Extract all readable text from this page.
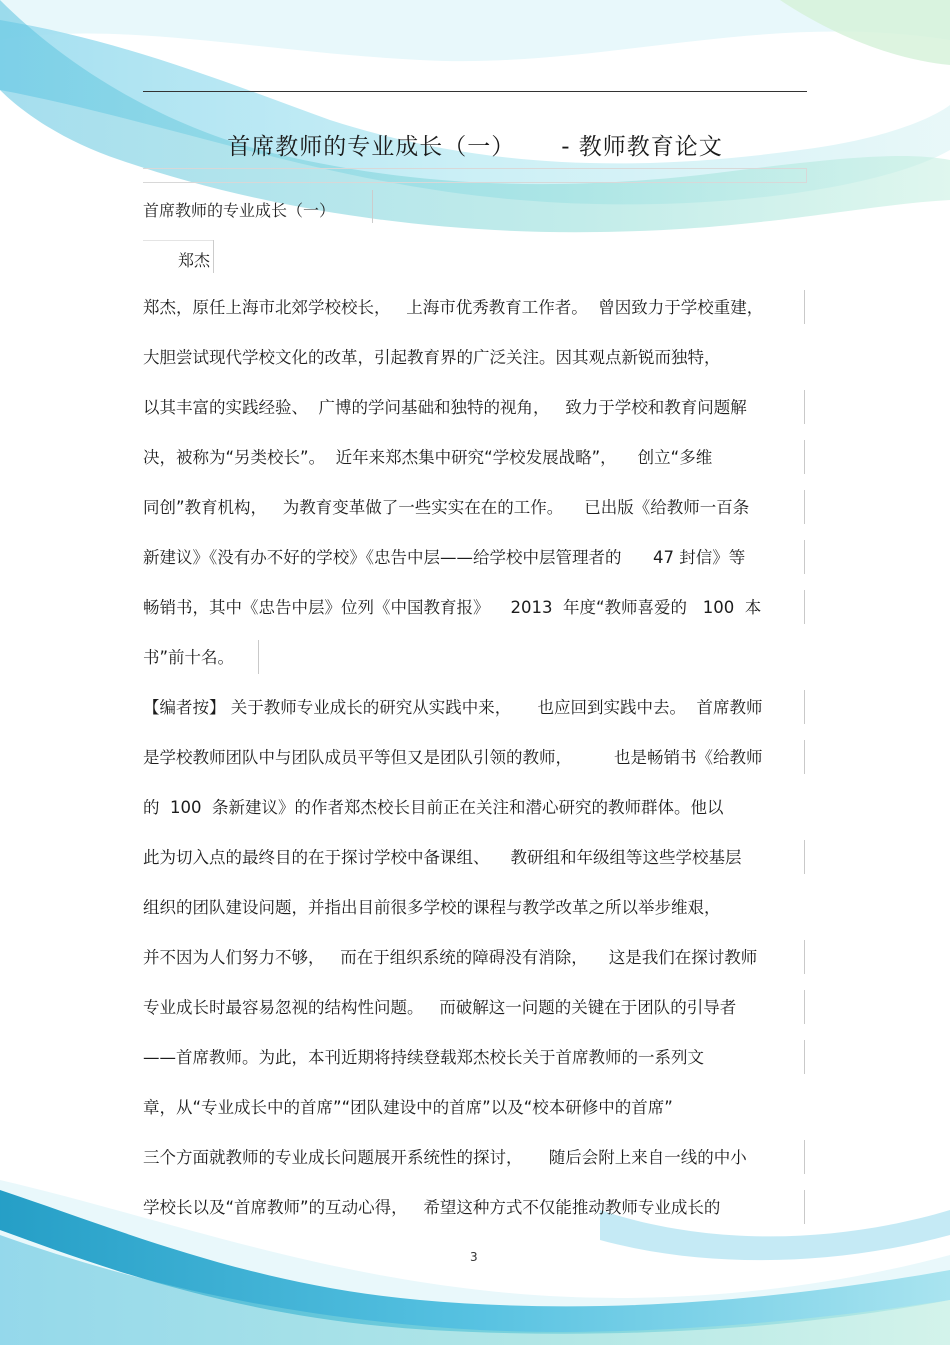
首席教师的专业成长（一） - 教师教育论文
首席教师的专业成长（一）
郑杰
郑杰，原任上海市北郊学校校长，   上海市优秀教育工作者。  曾因致力于学校重建，
大胆尝试现代学校文化的改革，引起教育界的广泛关注。因其观点新锐而独特，
以其丰富的实践经验、  广博的学问基础和独特的视角，   致力于学校和教育问题解
决，被称为“另类校长”。  近年来郑杰集中研究“学校发展战略”，    创立“多维
同创”教育机构，   为教育变革做了一些实实在在的工作。    已出版《给教师一百条
新建议》《没有办不好的学校》《忠告中层——给学校中层管理者的      47 封信》等
畅销书，其中《忠告中层》位列《中国教育报》    2013  年度“教师喜爱的   100  本
书”前十名。
【编者按】 关于教师专业成长的研究从实践中来，     也应回到实践中去。  首席教师
是学校教师团队中与团队成员平等但又是团队引领的教师，        也是畅销书《给教师
的  100  条新建议》的作者郑杰校长目前正在关注和潜心研究的教师群体。他以
此为切入点的最终目的在于探讨学校中备课组、    教研组和年级组等这些学校基层
组织的团队建设问题，并指出目前很多学校的课程与教学改革之所以举步维艰，
并不因为人们努力不够，   而在于组织系统的障碍没有消除，    这是我们在探讨教师
专业成长时最容易忽视的结构性问题。   而破解这一问题的关键在于团队的引导者
——首席教师。为此，本刊近期将持续登载郑杰校长关于首席教师的一系列文
章，从“专业成长中的首席”“团队建设中的首席”以及“校本研修中的首席”
三个方面就教师的专业成长问题展开系统性的探讨，     随后会附上来自一线的中小
学校长以及“首席教师”的互动心得，   希望这种方式不仅能推动教师专业成长的
3
